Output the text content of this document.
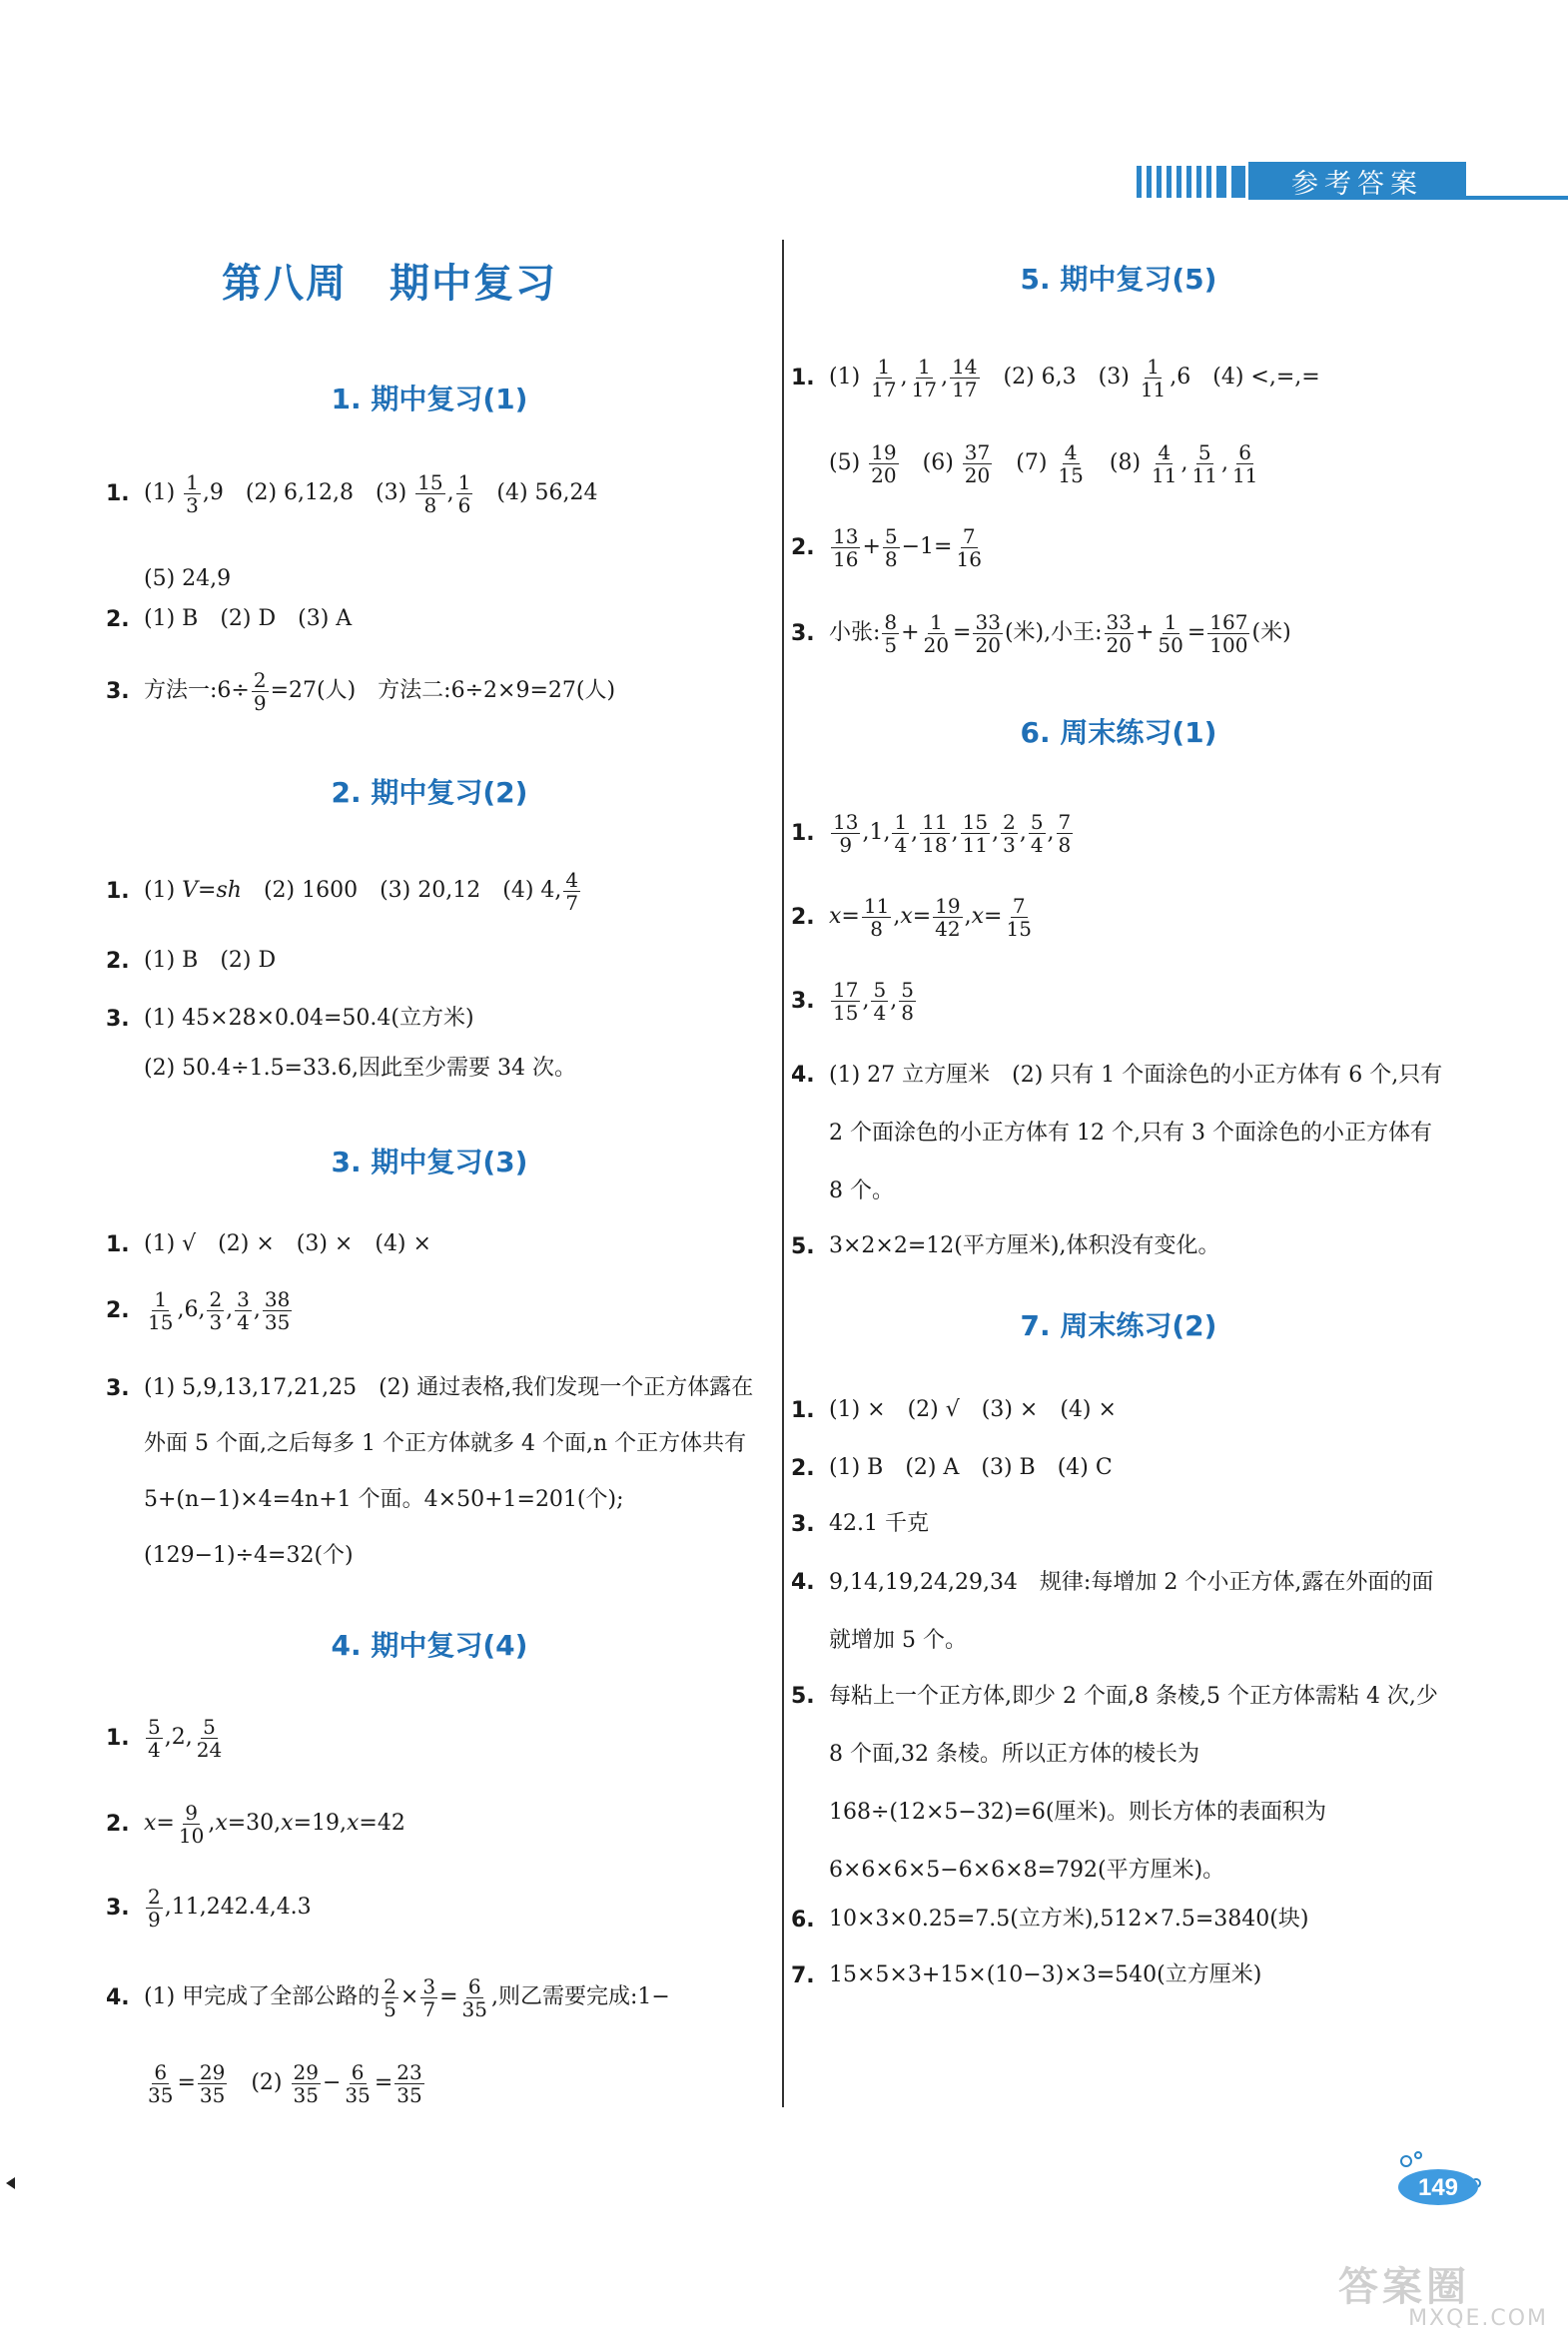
参考答案
第八周　期中复习
1. 期中复习(1)
1. $(1) \frac{1}{3} ,9$　(2) 6,12,8　$(3) \frac{15}{8}$ , $\frac{1}{6}$ 　(4) 56,24
(5) 24,9
2. (1) B　(2) D　(3) A
3. 方法一:6÷ $\frac{2}{9} =27$(人)　方法二:6÷2×9=27(人)
2. 期中复习(2)
1. (1) V=sh　(2) 1600　(3) 20,12　(4) 4, $\frac{4}{7}$
2. (1) B　(2) D
3. (1) 45×28×0.04=50.4(立方米)
(2) 50.4÷1.5=33.6,因此至少需要 34 次。
3. 期中复习(3)
1. (1) √　(2) ×　(3) ×　(4) ×
2. $\frac{1}{15} ,6$, $\frac{2}{3}$ , $\frac{3}{4}$ , $\frac{38}{35}$
3. (1) 5,9,13,17,21,25　(2) 通过表格,我们发现一个正方体露在外面 5 个面,之后每多 1 个正方体就多 4 个面,n 个正方体共有 5+(n−1)×4=4n+1 个面。4×50+1=201(个);(129−1)÷4=32(个)
4. 期中复习(4)
1. $\frac{5}{4} ,2$, $\frac{5}{24}$
2. $x= \frac{9}{10} ,x=30,x=19,x=42$
3. $\frac{2}{9} ,11,242.4,4.3$
4. (1) 甲完成了全部公路的 $\frac{2}{5} \times \frac{3}{7} = \frac{6}{35}$ ,则乙需要完成:1−
$\frac{6}{35} = \frac{29}{35}$ 　$(2) \frac{29}{35} - \frac{6}{35} = \frac{23}{35}$
5. 期中复习(5)
1. $(1) \frac{1}{17}$ , $\frac{1}{17}$ , $\frac{14}{17}$ 　(2) 6,3　$(3) \frac{1}{11} ,6$　(4) <,=,=
$(5) \frac{19}{20}$ 　$(6) \frac{37}{20}$ 　$(7) \frac{4}{15}$ 　$(8) \frac{4}{11}$ , $\frac{5}{11}$ , $\frac{6}{11}$
2. $\frac{13}{16} + \frac{5}{8} -1= \frac{7}{16}$
3. 小张: $\frac{8}{5} + \frac{1}{20} = \frac{33}{20}$ (米),小王: $\frac{33}{20} + \frac{1}{50} = \frac{167}{100}$ (米)
6. 周末练习(1)
1. $\frac{13}{9} ,1$, $\frac{1}{4}$ , $\frac{11}{18}$ , $\frac{15}{11}$ , $\frac{2}{3}$ , $\frac{5}{4}$ , $\frac{7}{8}$
2. $x= \frac{11}{8} ,x= \frac{19}{42} ,x= \frac{7}{15}$
3. $\frac{17}{15}$ , $\frac{5}{4}$ , $\frac{5}{8}$
4. (1) 27 立方厘米　(2) 只有 1 个面涂色的小正方体有 6 个,只有 2 个面涂色的小正方体有 12 个,只有 3 个面涂色的小正方体有 8 个。
5. 3×2×2=12(平方厘米),体积没有变化。
7. 周末练习(2)
1. (1) ×　(2) √　(3) ×　(4) ×
2. (1) B　(2) A　(3) B　(4) C
3. 42.1 千克
4. 9,14,19,24,29,34　规律:每增加 2 个小正方体,露在外面的面就增加 5 个。
5. 每粘上一个正方体,即少 2 个面,8 条棱,5 个正方体需粘 4 次,少 8 个面,32 条棱。所以正方体的棱长为 168÷(12×5−32)=6(厘米)。则长方体的表面积为 6×6×6×5−6×6×8=792(平方厘米)。
6. 10×3×0.25=7.5(立方米),512×7.5=3840(块)
7. 15×5×3+15×(10−3)×3=540(立方厘米)
149
答案圈
MXQE.COM
